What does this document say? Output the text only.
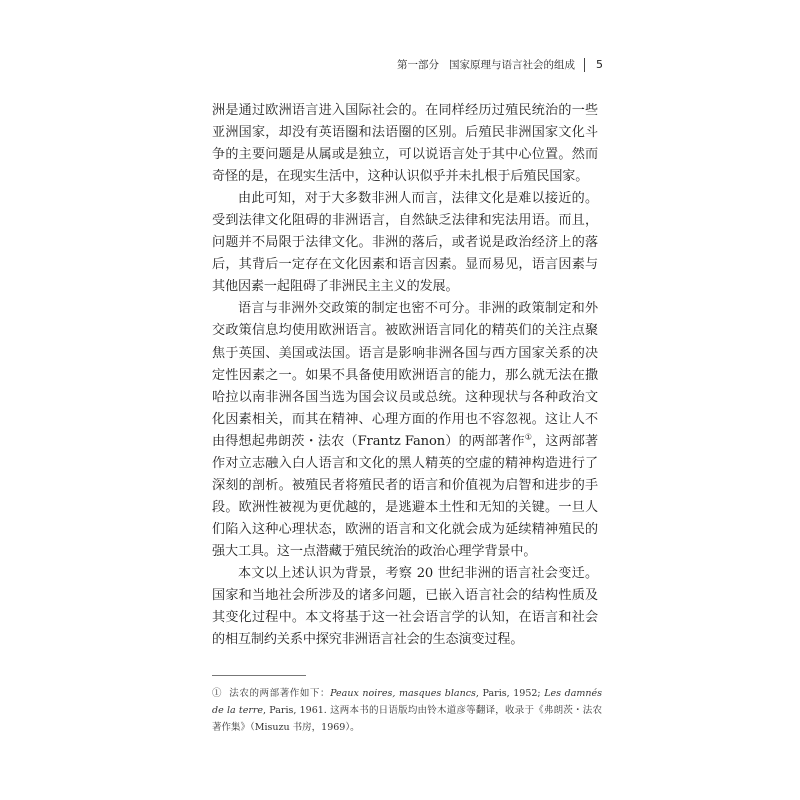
第一部分 国家原理与语言社会的组成 5

洲是通过欧洲语言进入国际社会的。在同样经历过殖民统治的一些亚洲国家，却没有英语圈和法语圈的区别。后殖民非洲国家文化斗争的主要问题是从属或是独立，可以说语言处于其中心位置。然而奇怪的是，在现实生活中，这种认识似乎并未扎根于后殖民国家。

由此可知，对于大多数非洲人而言，法律文化是难以接近的。受到法律文化阻碍的非洲语言，自然缺乏法律和宪法用语。而且，问题并不局限于法律文化。非洲的落后，或者说是政治经济上的落后，其背后一定存在文化因素和语言因素。显而易见，语言因素与其他因素一起阻碍了非洲民主主义的发展。

语言与非洲外交政策的制定也密不可分。非洲的政策制定和外交政策信息均使用欧洲语言。被欧洲语言同化的精英们的关注点聚焦于英国、美国或法国。语言是影响非洲各国与西方国家关系的决定性因素之一。如果不具备使用欧洲语言的能力，那么就无法在撒哈拉以南非洲各国当选为国会议员或总统。这种现状与各种政治文化因素相关，而其在精神、心理方面的作用也不容忽视。这让人不由得想起弗朗茨・法农（Frantz Fanon）的两部著作①，这两部著作对立志融入白人语言和文化的黑人精英的空虚的精神构造进行了深刻的剖析。被殖民者将殖民者的语言和价值视为启智和进步的手段。欧洲性被视为更优越的，是逃避本土性和无知的关键。一旦人们陷入这种心理状态，欧洲的语言和文化就会成为延续精神殖民的强大工具。这一点潜藏于殖民统治的政治心理学背景中。

本文以上述认识为背景，考察 20 世纪非洲的语言社会变迁。国家和当地社会所涉及的诸多问题，已嵌入语言社会的结构性质及其变化过程中。本文将基于这一社会语言学的认知，在语言和社会的相互制约关系中探究非洲语言社会的生态演变过程。

① 法农的两部著作如下：Peaux noires, masques blancs, Paris, 1952; Les damnés de la terre, Paris, 1961. 这两本书的日语版均由铃木道彦等翻译，收录于《弗朗茨・法农著作集》（Misuzu 书房，1969）。
